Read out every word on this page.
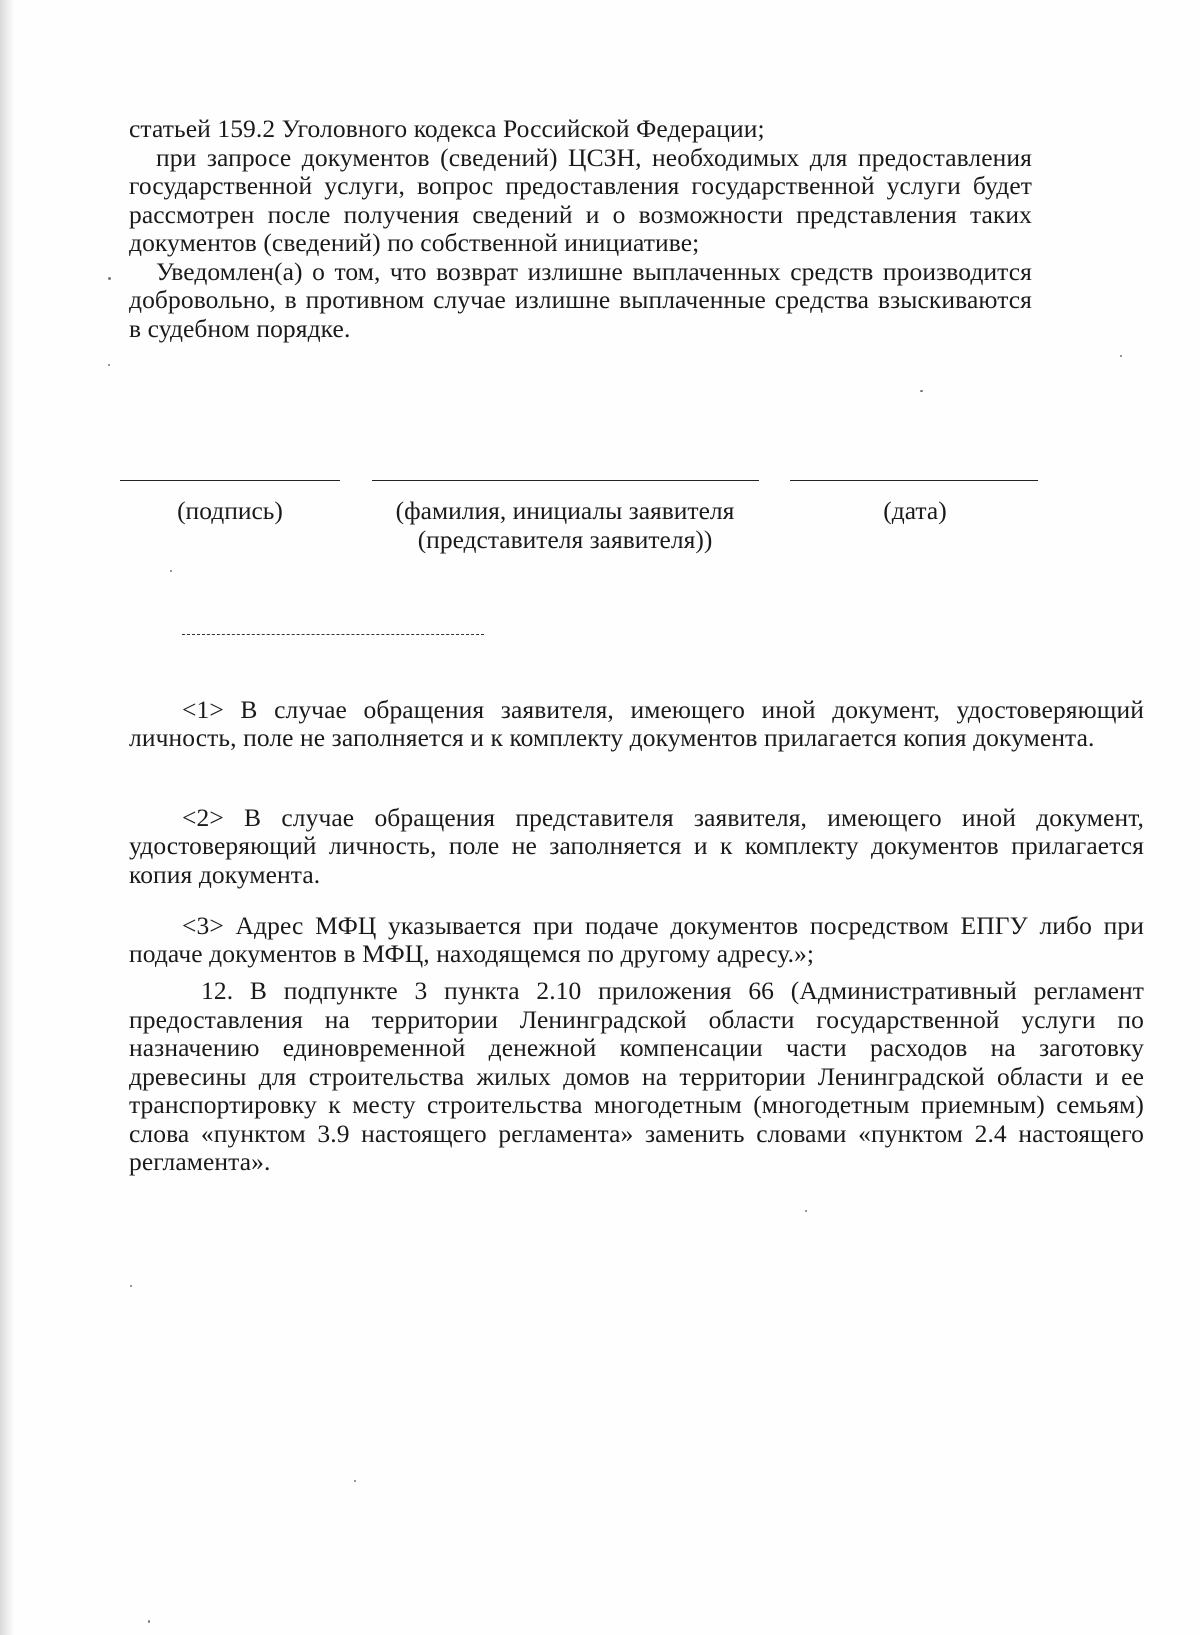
статьей 159.2 Уголовного кодекса Российской Федерации;

при запросе документов (сведений) ЦСЗН, необходимых для предоставления государственной услуги, вопрос предоставления государственной услуги будет рассмотрен после получения сведений и о возможности представления таких документов (сведений) по собственной инициативе;

Уведомлен(а) о том, что возврат излишне выплаченных средств производится добровольно, в противном случае излишне выплаченные средства взыскиваются в судебном порядке.

(подпись)	(фамилия, инициалы заявителя (представителя заявителя))
(дата)

<1> В случае обращения заявителя, имеющего иной документ, удостоверяющий личность, поле не заполняется и к комплекту документов прилагается копия документа.

<2> В случае обращения представителя заявителя, имеющего иной документ, удостоверяющий личность, поле не заполняется и к комплекту документов прилагается копия документа.

<3> Адрес МФЦ указывается при подаче документов посредством ЕПГУ либо при подаче документов в МФЦ, находящемся по другому адресу.»;

12. В подпункте 3 пункта 2.10 приложения 66 (Административный регламент предоставления на территории Ленинградской области государственной услуги по назначению единовременной денежной компенсации части расходов на заготовку древесины для строительства жилых домов на территории Ленинградской области и ее транспортировку к месту строительства многодетным (многодетным приемным) семьям) слова «пунктом 3.9 настоящего регламента» заменить словами «пунктом 2.4 настоящего регламента».
